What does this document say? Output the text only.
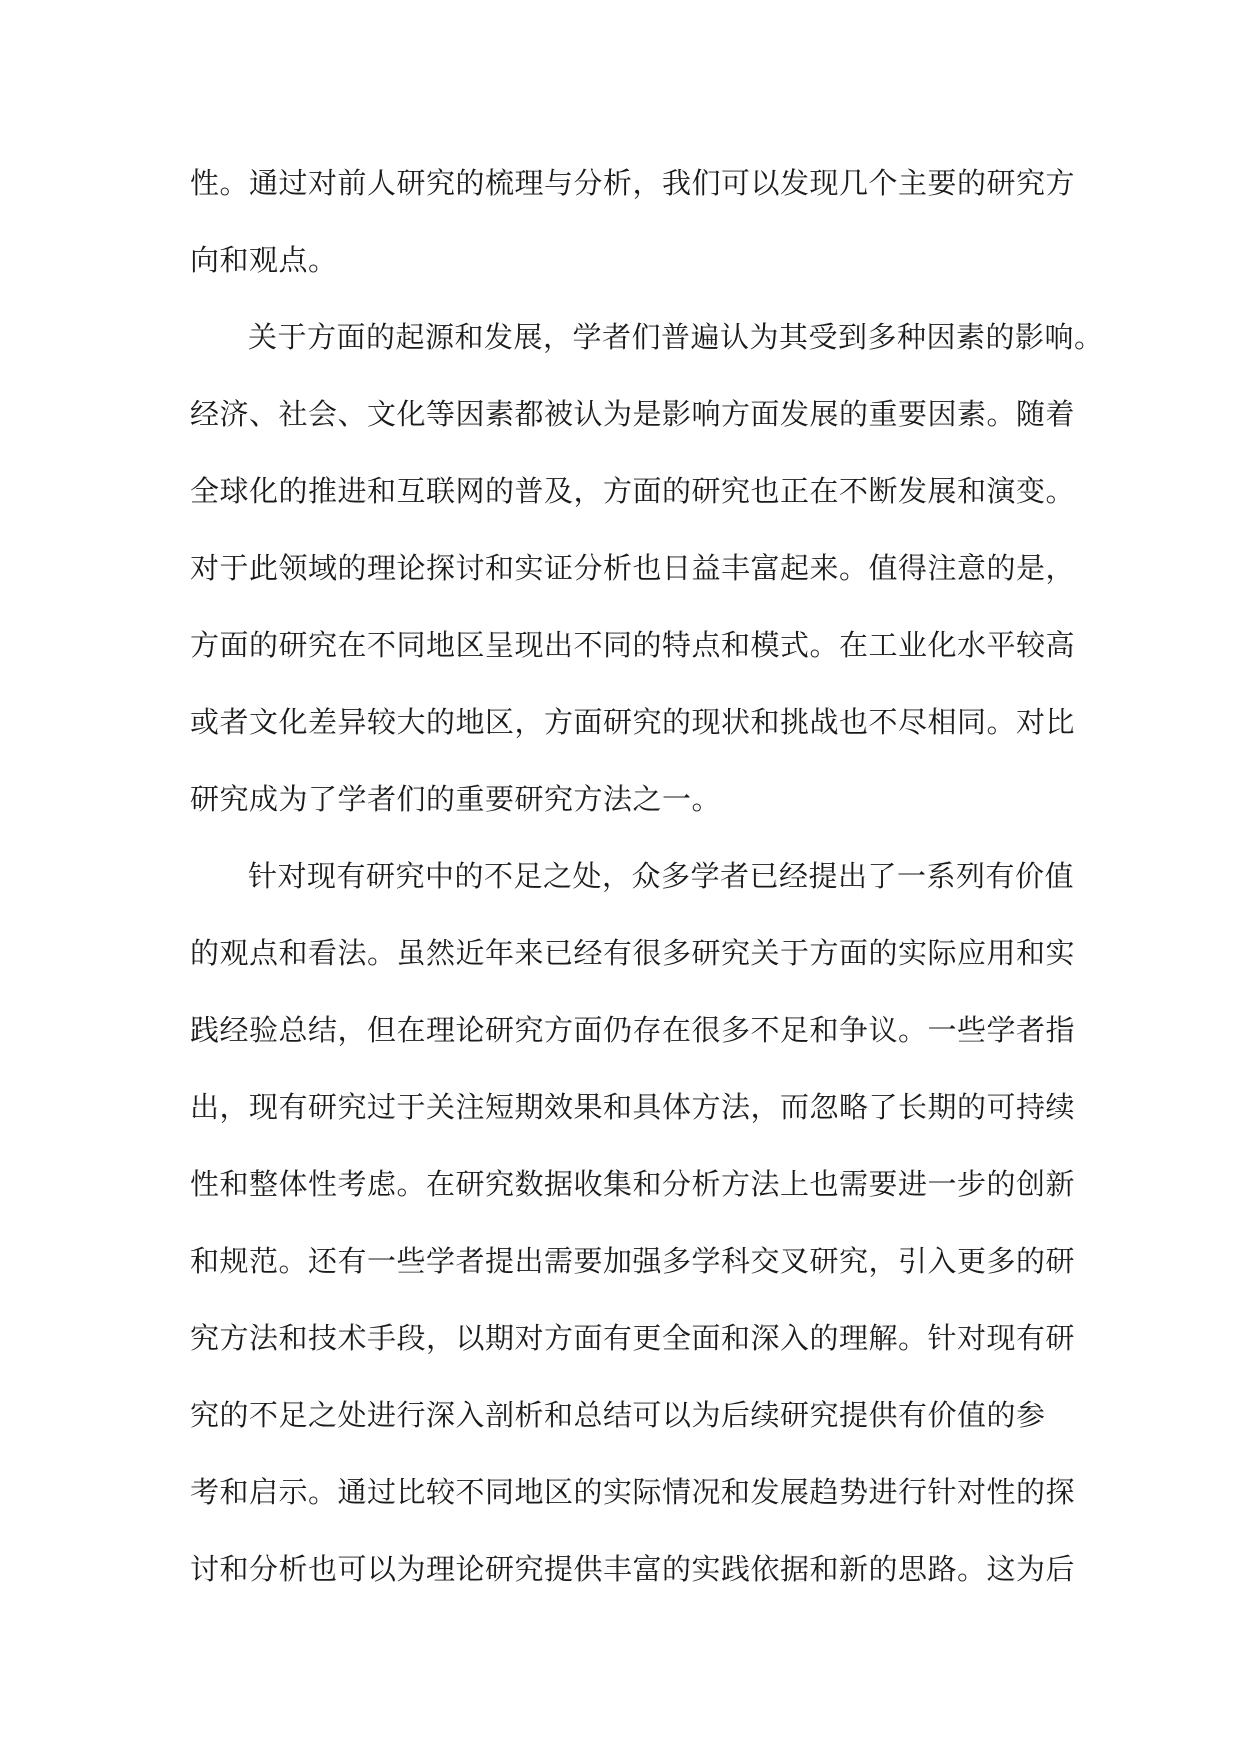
性。通过对前人研究的梳理与分析，我们可以发现几个主要的研究方
向和观点。
关于方面的起源和发展，学者们普遍认为其受到多种因素的影响。
经济、社会、文化等因素都被认为是影响方面发展的重要因素。随着
全球化的推进和互联网的普及，方面的研究也正在不断发展和演变。
对于此领域的理论探讨和实证分析也日益丰富起来。值得注意的是，
方面的研究在不同地区呈现出不同的特点和模式。在工业化水平较高
或者文化差异较大的地区，方面研究的现状和挑战也不尽相同。对比
研究成为了学者们的重要研究方法之一。
针对现有研究中的不足之处，众多学者已经提出了一系列有价值
的观点和看法。虽然近年来已经有很多研究关于方面的实际应用和实
践经验总结，但在理论研究方面仍存在很多不足和争议。一些学者指
出，现有研究过于关注短期效果和具体方法，而忽略了长期的可持续
性和整体性考虑。在研究数据收集和分析方法上也需要进一步的创新
和规范。还有一些学者提出需要加强多学科交叉研究，引入更多的研
究方法和技术手段，以期对方面有更全面和深入的理解。针对现有研
究的不足之处进行深入剖析和总结可以为后续研究提供有价值的参
考和启示。通过比较不同地区的实际情况和发展趋势进行针对性的探
讨和分析也可以为理论研究提供丰富的实践依据和新的思路。这为后
